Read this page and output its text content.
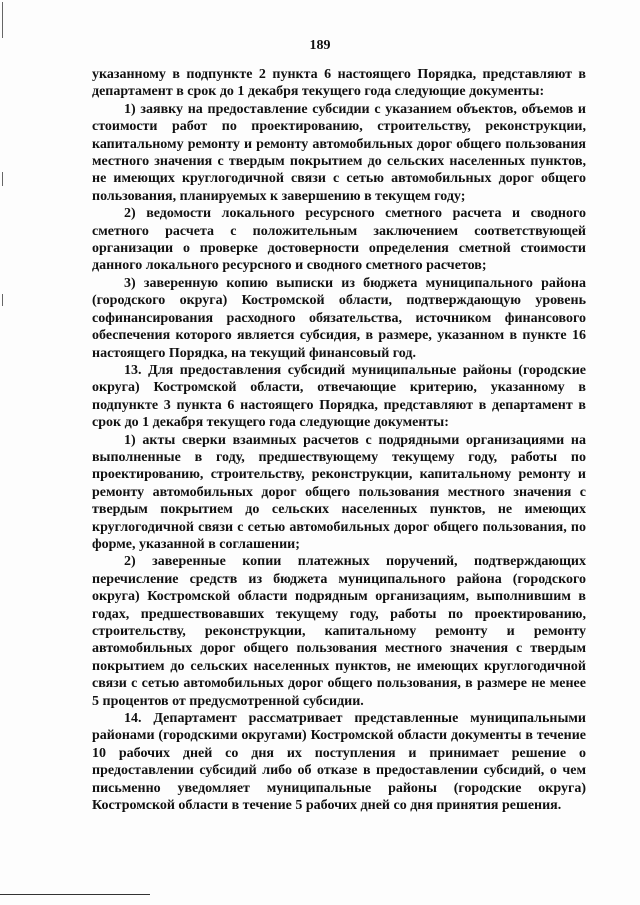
189

указанному в подпункте 2 пункта 6 настоящего Порядка, представляют в департамент в срок до 1 декабря текущего года следующие документы:

1) заявку на предоставление субсидии с указанием объектов, объемов и стоимости работ по проектированию, строительству, реконструкции, капитальному ремонту и ремонту автомобильных дорог общего пользования местного значения с твердым покрытием до сельских населенных пунктов, не имеющих круглогодичной связи с сетью автомобильных дорог общего пользования, планируемых к завершению в текущем году;

2) ведомости локального ресурсного сметного расчета и сводного сметного расчета с положительным заключением соответствующей организации о проверке достоверности определения сметной стоимости данного локального ресурсного и сводного сметного расчетов;

3) заверенную копию выписки из бюджета муниципального района (городского округа) Костромской области, подтверждающую уровень софинансирования расходного обязательства, источником финансового обеспечения которого является субсидия, в размере, указанном в пункте 16 настоящего Порядка, на текущий финансовый год.

13. Для предоставления субсидий муниципальные районы (городские округа) Костромской области, отвечающие критерию, указанному в подпункте 3 пункта 6 настоящего Порядка, представляют в департамент в срок до 1 декабря текущего года следующие документы:

1) акты сверки взаимных расчетов с подрядными организациями на выполненные в году, предшествующему текущему году, работы по проектированию, строительству, реконструкции, капитальному ремонту и ремонту автомобильных дорог общего пользования местного значения с твердым покрытием до сельских населенных пунктов, не имеющих круглогодичной связи с сетью автомобильных дорог общего пользования, по форме, указанной в соглашении;

2) заверенные копии платежных поручений, подтверждающих перечисление средств из бюджета муниципального района (городского округа) Костромской области подрядным организациям, выполнившим в годах, предшествовавших текущему году, работы по проектированию, строительству, реконструкции, капитальному ремонту и ремонту автомобильных дорог общего пользования местного значения с твердым покрытием до сельских населенных пунктов, не имеющих круглогодичной связи с сетью автомобильных дорог общего пользования, в размере не менее 5 процентов от предусмотренной субсидии.

14. Департамент рассматривает представленные муниципальными районами (городскими округами) Костромской области документы в течение 10 рабочих дней со дня их поступления и принимает решение о предоставлении субсидий либо об отказе в предоставлении субсидий, о чем письменно уведомляет муниципальные районы (городские округа) Костромской области в течение 5 рабочих дней со дня принятия решения.
